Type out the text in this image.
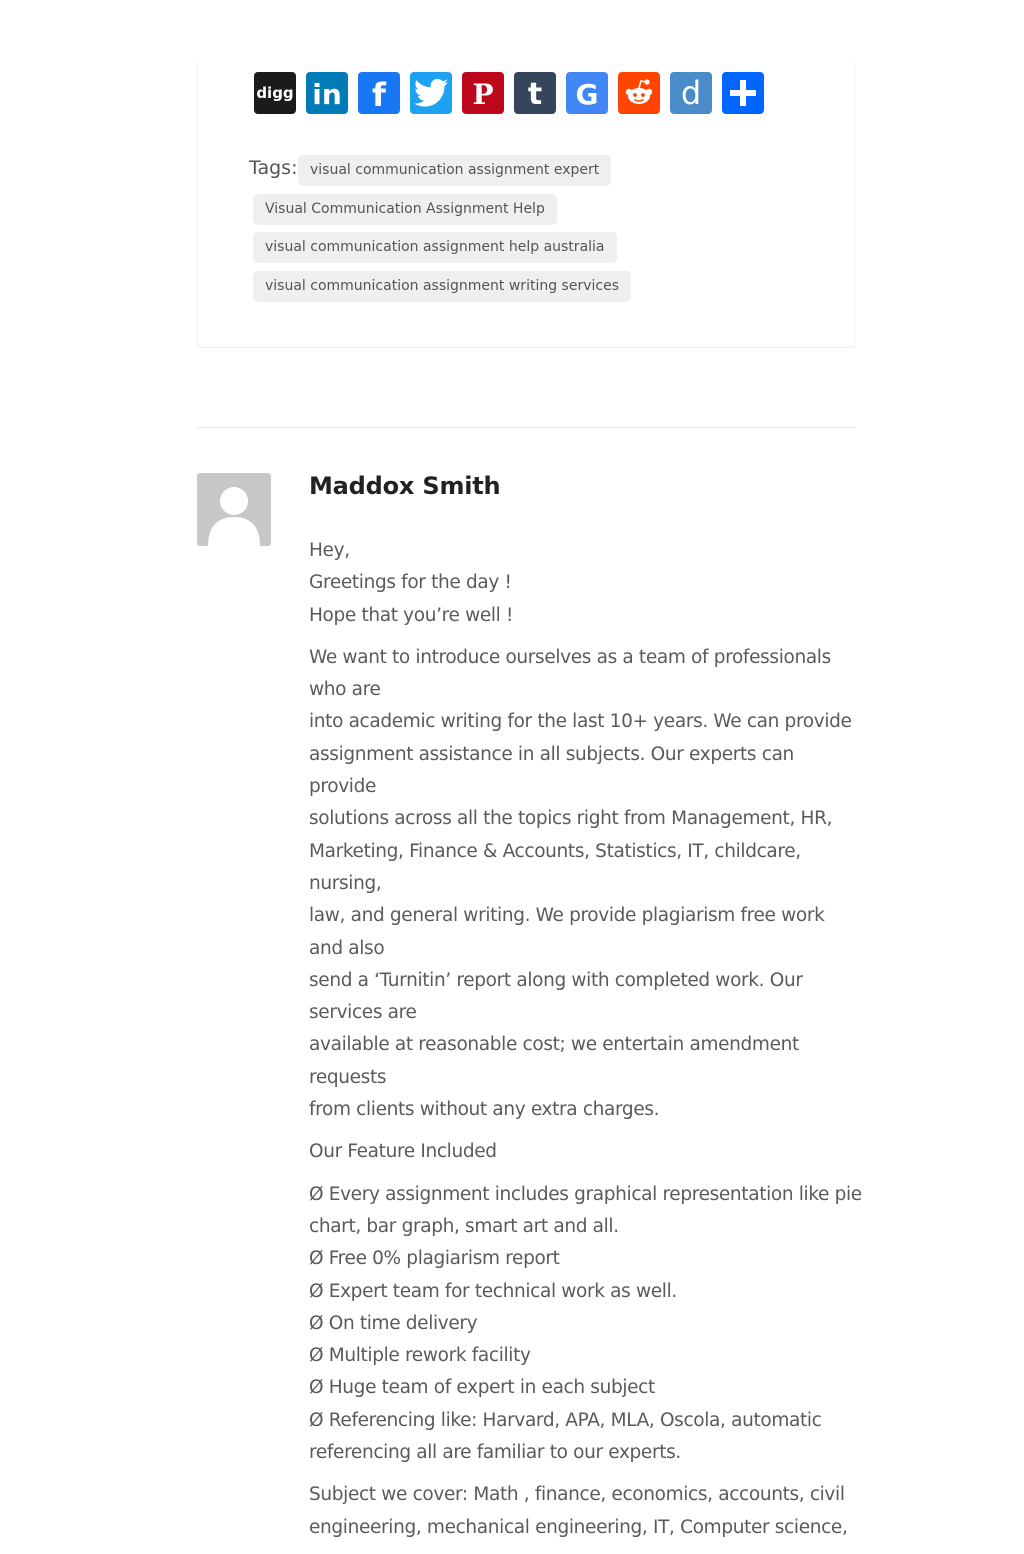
digg in f	P t G	d
Tags: visual communication assignment expert
Visual Communication Assignment Help
visual communication assignment help australia
visual communication assignment writing services
Maddox Smith

Hey,
Greetings for the day !
Hope that you’re well !

We want to introduce ourselves as a team of professionals who are
into academic writing for the last 10+ years. We can provide
assignment assistance in all subjects. Our experts can provide
solutions across all the topics right from Management, HR,
Marketing, Finance & Accounts, Statistics, IT, childcare, nursing,
law, and general writing. We provide plagiarism free work and also
send a ‘Turnitin’ report along with completed work. Our services are
available at reasonable cost; we entertain amendment requests
from clients without any extra charges.

Our Feature Included

Ø Every assignment includes graphical representation like pie
chart, bar graph, smart art and all.
Ø Free 0% plagiarism report
Ø Expert team for technical work as well.
Ø On time delivery
Ø Multiple rework facility
Ø Huge team of expert in each subject
Ø Referencing like: Harvard, APA, MLA, Oscola, automatic
referencing all are familiar to our experts.

Subject we cover: Math , finance, economics, accounts, civil
engineering, mechanical engineering, IT, Computer science,
